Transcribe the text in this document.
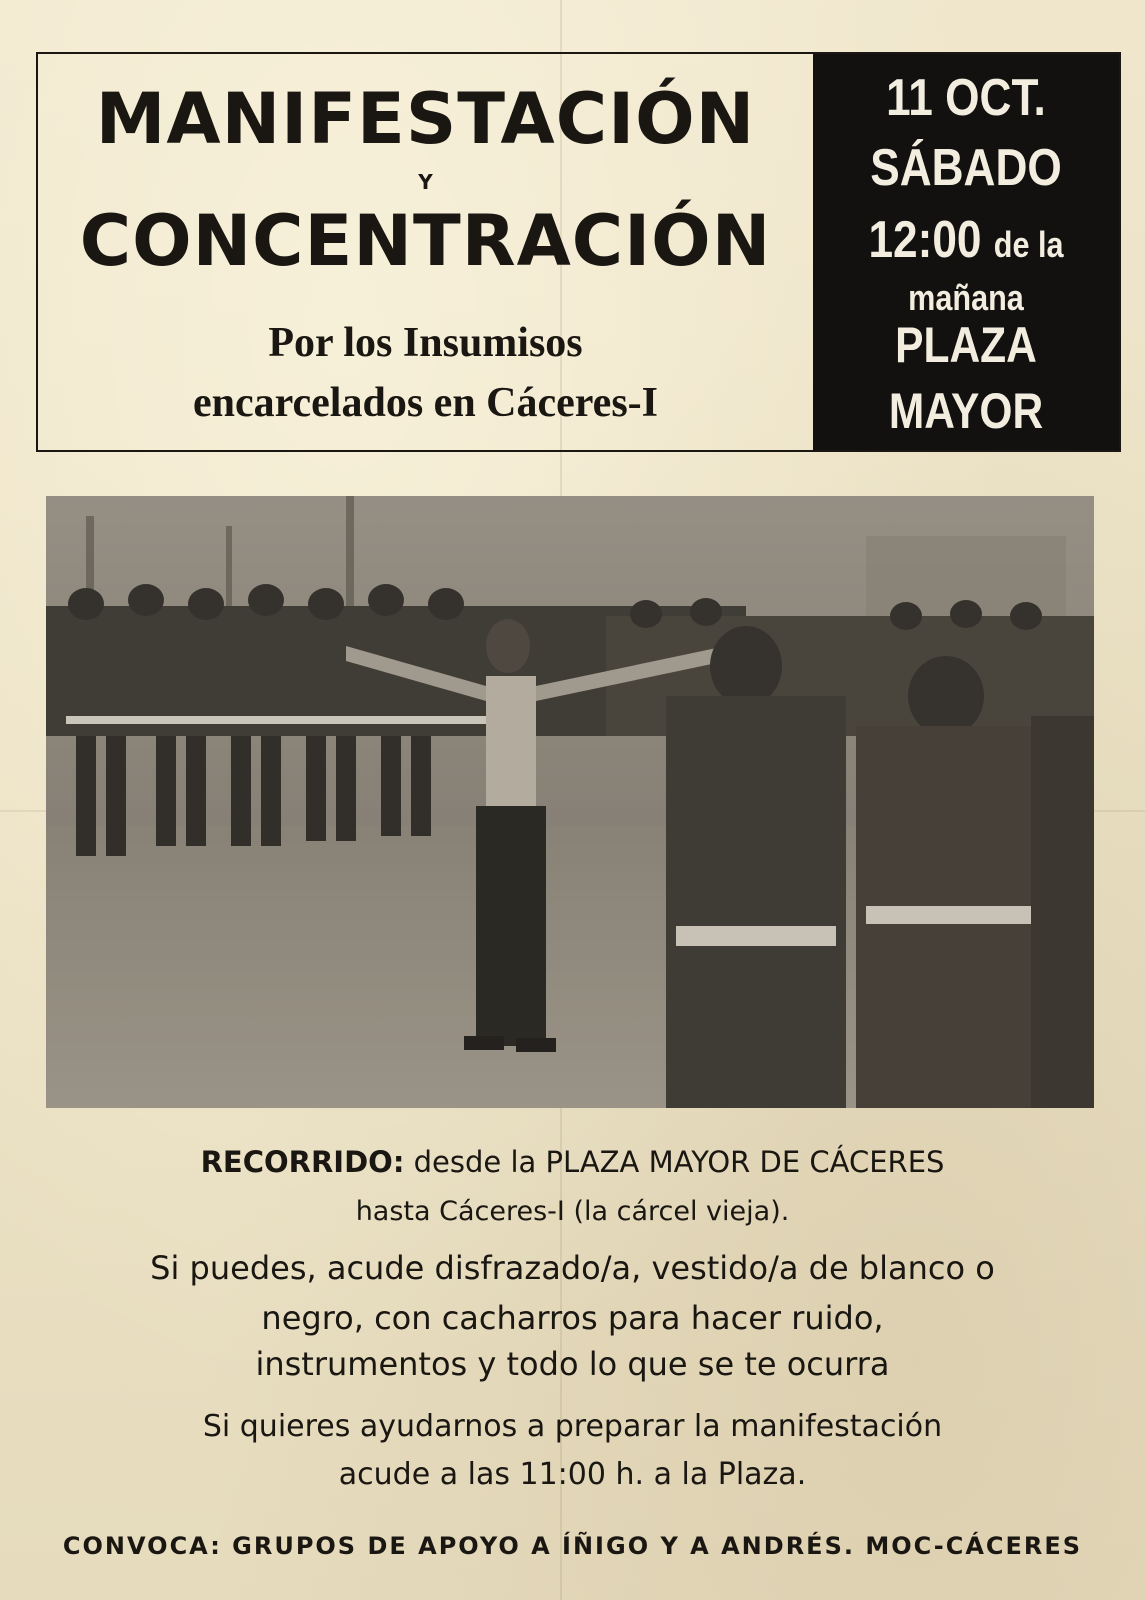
MANIFESTACIÓN
Y
CONCENTRACIÓN
Por los Insumisos
encarcelados en Cáceres-I
11 OCT.
SÁBADO
12:00 de la
mañana
PLAZA
MAYOR
RECORRIDO: desde la PLAZA MAYOR DE CÁCERES
hasta Cáceres-I (la cárcel vieja).
Si puedes, acude disfrazado/a, vestido/a de blanco o
negro, con cacharros para hacer ruido,
instrumentos y todo lo que se te ocurra
Si quieres ayudarnos a preparar la manifestación
acude a las 11:00 h. a la Plaza.
CONVOCA: GRUPOS DE APOYO A ÍÑIGO Y A ANDRÉS. MOC-CÁCERES
